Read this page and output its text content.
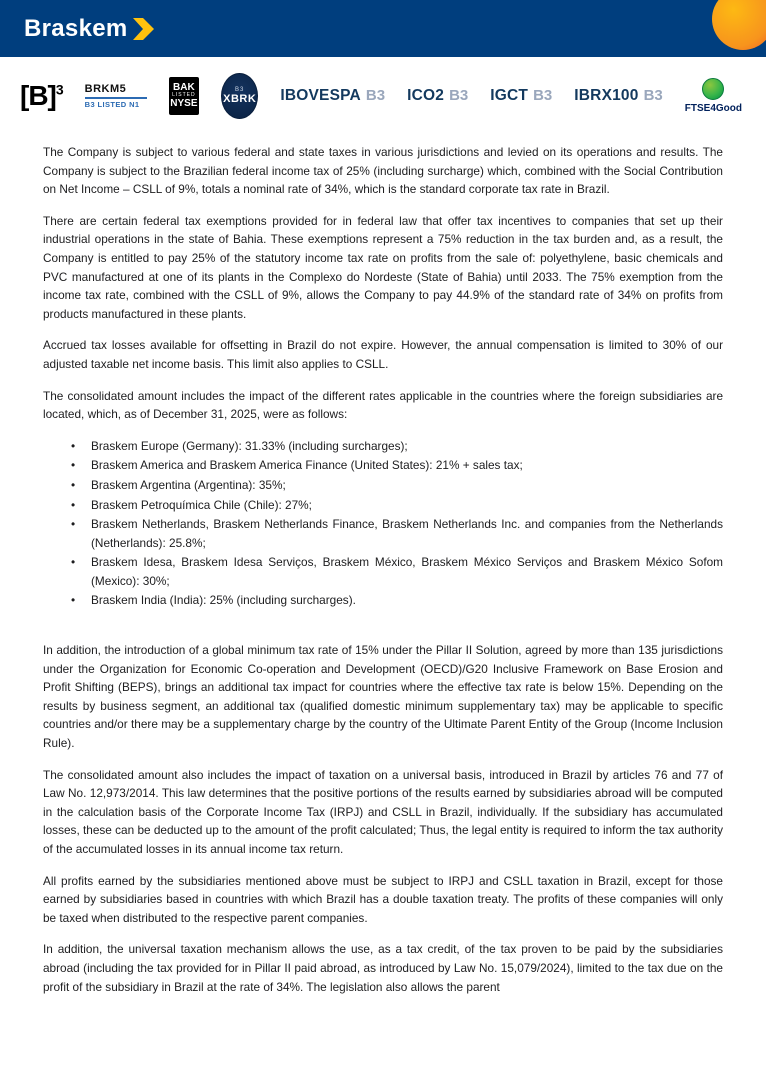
Braskem
$[B]^3$ BRKM5
B3 LISTED N1
BAK
LISTED
NYSE
B3
XBRK IBOVESPA B3 ICO2 B3 IGCT B3 IBRX100 B3
FTSE4Good

The Company is subject to various federal and state taxes in various jurisdictions and levied on its operations and results. The Company is subject to the Brazilian federal income tax of 25% (including surcharge) which, combined with the Social Contribution on Net Income – CSLL of 9%, totals a nominal rate of 34%, which is the standard corporate tax rate in Brazil.

There are certain federal tax exemptions provided for in federal law that offer tax incentives to companies that set up their industrial operations in the state of Bahia. These exemptions represent a 75% reduction in the tax burden and, as a result, the Company is entitled to pay 25% of the statutory income tax rate on profits from the sale of: polyethylene, basic chemicals and PVC manufactured at one of its plants in the Complexo do Nordeste (State of Bahia) until 2033. The 75% exemption from the income tax rate, combined with the CSLL of 9%, allows the Company to pay 44.9% of the standard rate of 34% on profits from products manufactured in these plants.

Accrued tax losses available for offsetting in Brazil do not expire. However, the annual compensation is limited to 30% of our adjusted taxable net income basis. This limit also applies to CSLL.

The consolidated amount includes the impact of the different rates applicable in the countries where the foreign subsidiaries are located, which, as of December 31, 2025, were as follows:

• Braskem Europe (Germany): 31.33% (including surcharges);
• Braskem America and Braskem America Finance (United States): 21% + sales tax;
• Braskem Argentina (Argentina): 35%;
• Braskem Petroquímica Chile (Chile): 27%;
• Braskem Netherlands, Braskem Netherlands Finance, Braskem Netherlands Inc. and companies from the Netherlands (Netherlands): 25.8%;
• Braskem Idesa, Braskem Idesa Serviços, Braskem México, Braskem México Serviços and Braskem México Sofom (Mexico): 30%;
• Braskem India (India): 25% (including surcharges).

In addition, the introduction of a global minimum tax rate of 15% under the Pillar II Solution, agreed by more than 135 jurisdictions under the Organization for Economic Co-operation and Development (OECD)/G20 Inclusive Framework on Base Erosion and Profit Shifting (BEPS), brings an additional tax impact for countries where the effective tax rate is below 15%. Depending on the results by business segment, an additional tax (qualified domestic minimum supplementary tax) may be applicable to specific countries and/or there may be a supplementary charge by the country of the Ultimate Parent Entity of the Group (Income Inclusion Rule).

The consolidated amount also includes the impact of taxation on a universal basis, introduced in Brazil by articles 76 and 77 of Law No. 12,973/2014. This law determines that the positive portions of the results earned by subsidiaries abroad will be computed in the calculation basis of the Corporate Income Tax (IRPJ) and CSLL in Brazil, individually. If the subsidiary has accumulated losses, these can be deducted up to the amount of the profit calculated; Thus, the legal entity is required to inform the tax authority of the accumulated losses in its annual income tax return.

All profits earned by the subsidiaries mentioned above must be subject to IRPJ and CSLL taxation in Brazil, except for those earned by subsidiaries based in countries with which Brazil has a double taxation treaty. The profits of these companies will only be taxed when distributed to the respective parent companies.

In addition, the universal taxation mechanism allows the use, as a tax credit, of the tax proven to be paid by the subsidiaries abroad (including the tax provided for in Pillar II paid abroad, as introduced by Law No. 15,079/2024), limited to the tax due on the profit of the subsidiary in Brazil at the rate of 34%. The legislation also allows the parent
